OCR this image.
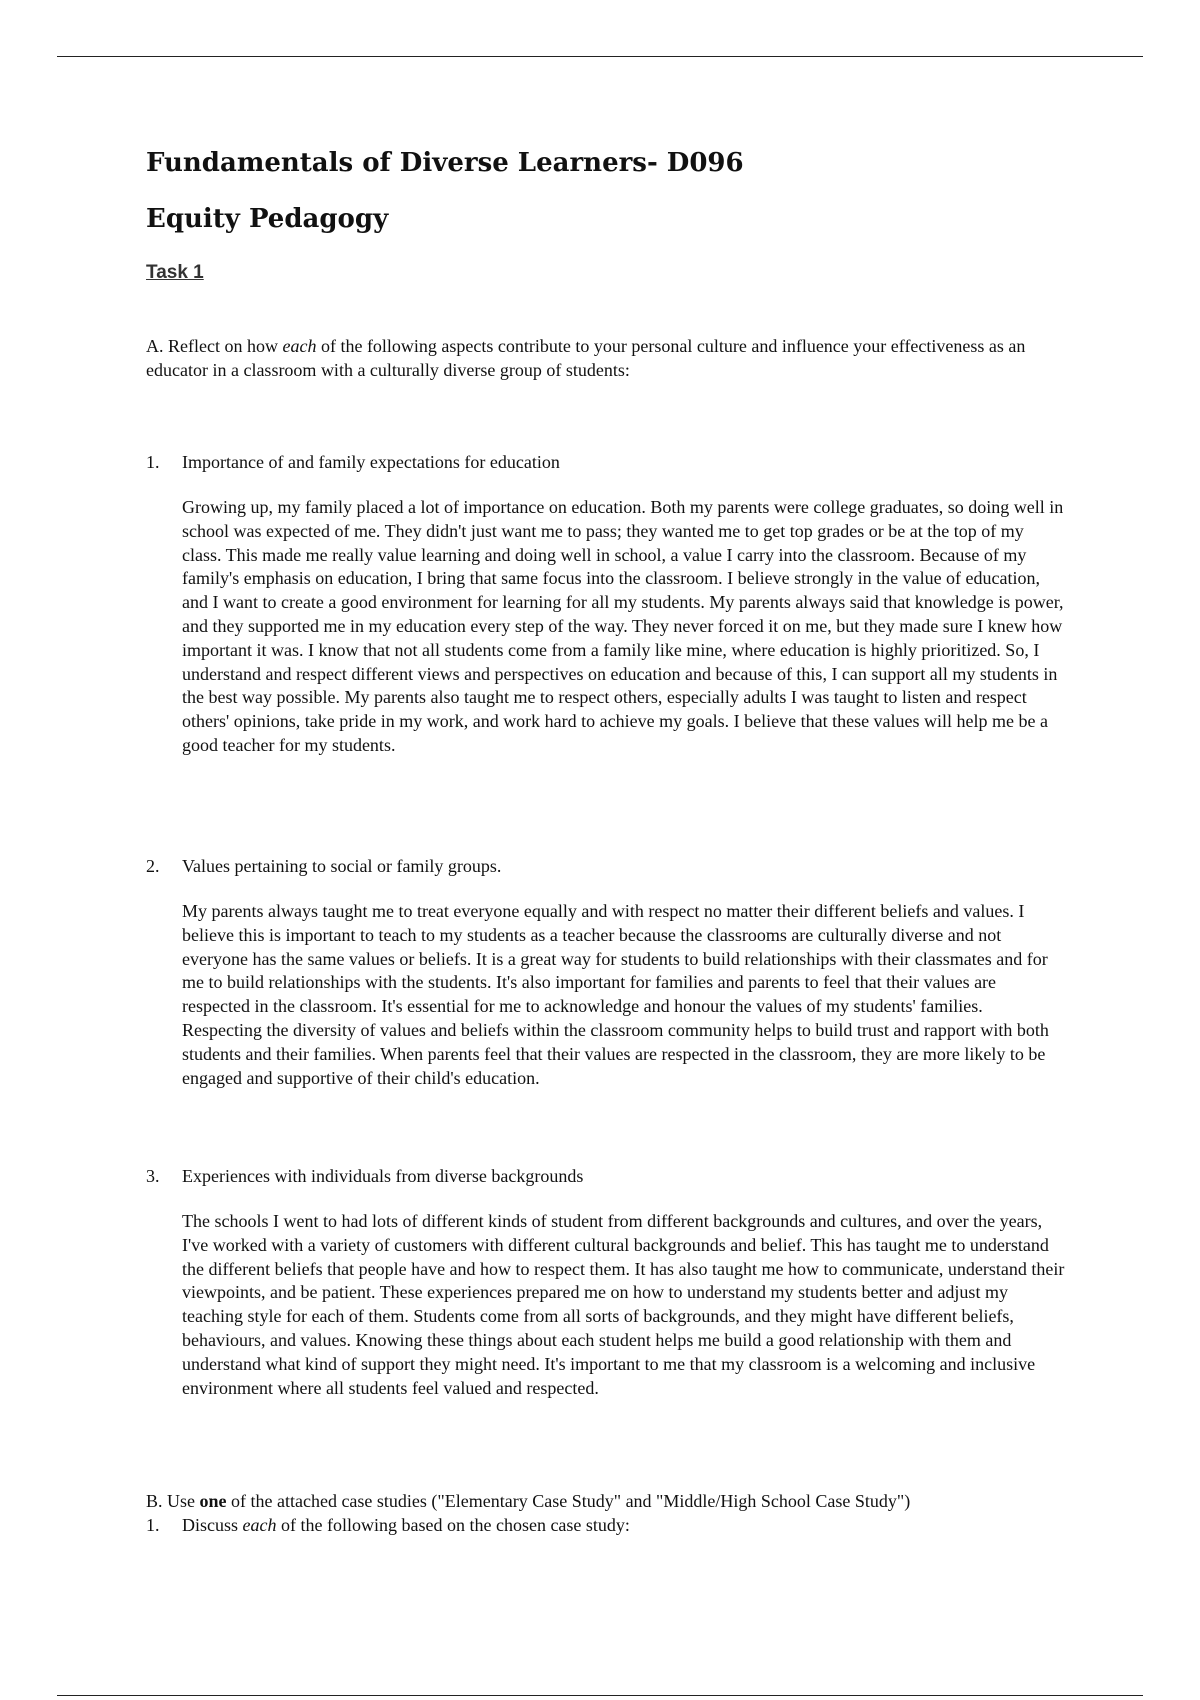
Fundamentals of Diverse Learners- D096
Equity Pedagogy
Task 1

A. Reflect on how each of the following aspects contribute to your personal culture and influence your effectiveness as an educator in a classroom with a culturally diverse group of students:

1.	Importance of and family expectations for education
Growing up, my family placed a lot of importance on education. Both my parents were college graduates, so doing well in school was expected of me. They didn't just want me to pass; they wanted me to get top grades or be at the top of my class. This made me really value learning and doing well in school, a value I carry into the classroom. Because of my family's emphasis on education, I bring that same focus into the classroom. I believe strongly in the value of education, and I want to create a good environment for learning for all my students. My parents always said that knowledge is power, and they supported me in my education every step of the way. They never forced it on me, but they made sure I knew how important it was. I know that not all students come from a family like mine, where education is highly prioritized. So, I understand and respect different views and perspectives on education and because of this, I can support all my students in the best way possible. My parents also taught me to respect others, especially adults I was taught to listen and respect others' opinions, take pride in my work, and work hard to achieve my goals. I believe that these values will help me be a good teacher for my students.
2.	Values pertaining to social or family groups.
My parents always taught me to treat everyone equally and with respect no matter their different beliefs and values. I believe this is important to teach to my students as a teacher because the classrooms are culturally diverse and not everyone has the same values or beliefs. It is a great way for students to build relationships with their classmates and for me to build relationships with the students. It's also important for families and parents to feel that their values are respected in the classroom. It's essential for me to acknowledge and honour the values of my students' families. Respecting the diversity of values and beliefs within the classroom community helps to build trust and rapport with both students and their families. When parents feel that their values are respected in the classroom, they are more likely to be engaged and supportive of their child's education.
3.	Experiences with individuals from diverse backgrounds
The schools I went to had lots of different kinds of student from different backgrounds and cultures, and over the years, I've worked with a variety of customers with different cultural backgrounds and belief. This has taught me to understand the different beliefs that people have and how to respect them. It has also taught me how to communicate, understand their viewpoints, and be patient. These experiences prepared me on how to understand my students better and adjust my teaching style for each of them. Students come from all sorts of backgrounds, and they might have different beliefs, behaviours, and values. Knowing these things about each student helps me build a good relationship with them and understand what kind of support they might need. It's important to me that my classroom is a welcoming and inclusive environment where all students feel valued and respected.

B. Use one of the attached case studies ("Elementary Case Study" and "Middle/High School Case Study")

1.	Discuss each of the following based on the chosen case study:
